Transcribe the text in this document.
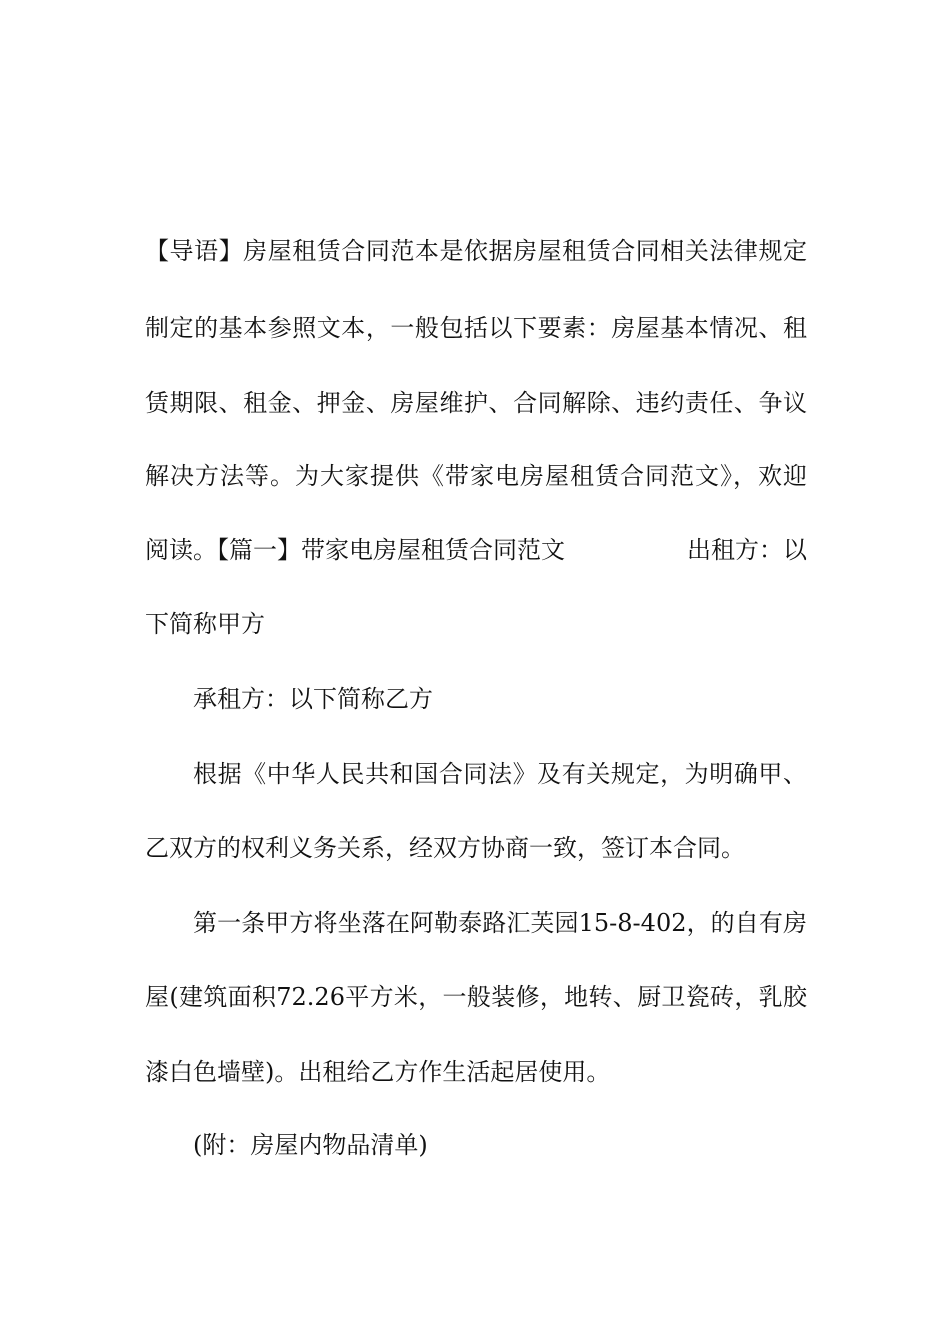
【导语】房屋租赁合同范本是依据房屋租赁合同相关法律规定
制定的基本参照文本，一般包括以下要素：房屋基本情况、租
赁期限、租金、押金、房屋维护、合同解除、违约责任、争议
解决方法等。为大家提供《带家电房屋租赁合同范文》，欢迎
阅读。【篇一】带家电房屋租赁合同范文	出租方：以
下简称甲方
承租方：以下简称乙方
根据《中华人民共和国合同法》及有关规定，为明确甲、
乙双方的权利义务关系，经双方协商一致，签订本合同。
第一条甲方将坐落在阿勒泰路汇芙园15-8-402，的自有房
屋(建筑面积72.26平方米，一般装修，地转、厨卫瓷砖，乳胶
漆白色墙壁)。出租给乙方作生活起居使用。
(附：房屋内物品清单)
